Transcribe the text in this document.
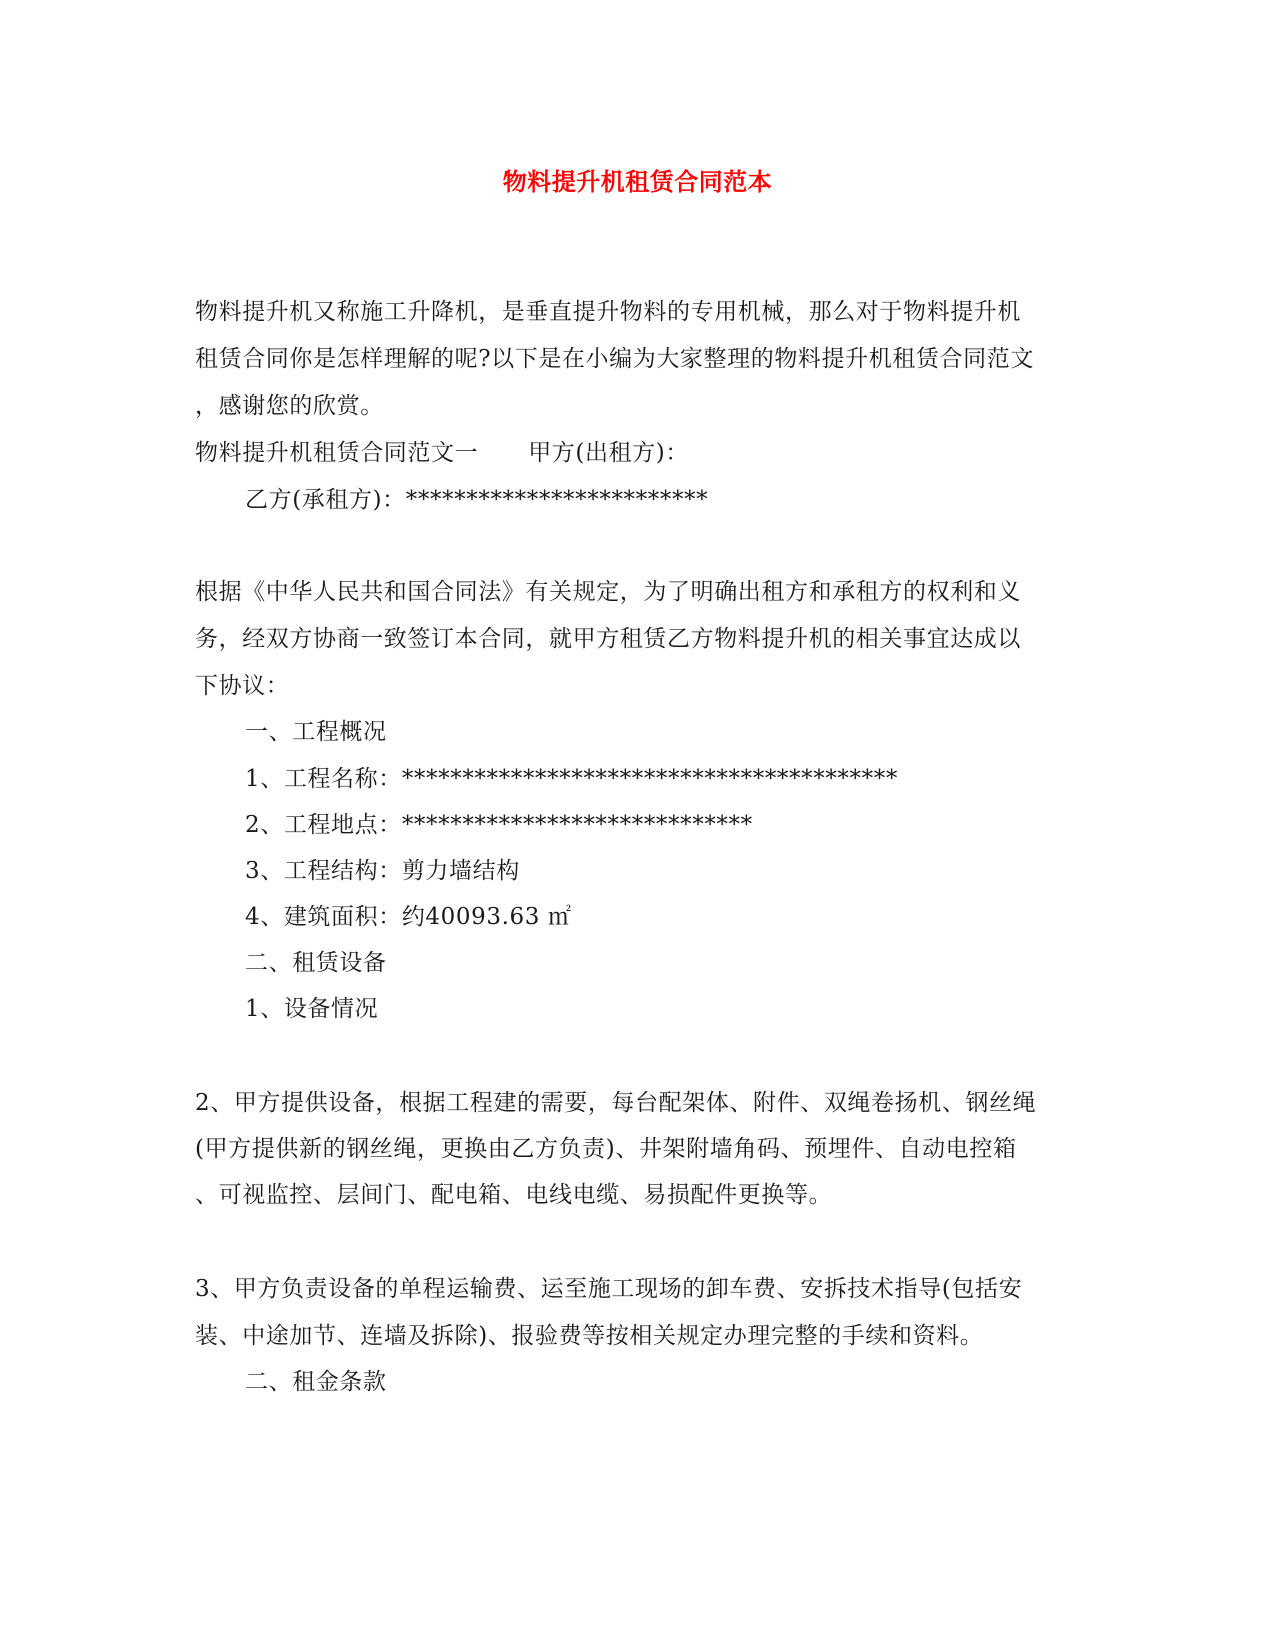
物料提升机租赁合同范本
物料提升机又称施工升降机，是垂直提升物料的专用机械，那么对于物料提升机
租赁合同你是怎样理解的呢?以下是在小编为大家整理的物料提升机租赁合同范文
，感谢您的欣赏。
物料提升机租赁合同范文一 甲方(出租方)：
乙方(承租方)：*************************
根据《中华人民共和国合同法》有关规定，为了明确出租方和承租方的权利和义
务，经双方协商一致签订本合同，就甲方租赁乙方物料提升机的相关事宜达成以
下协议：
一、工程概况
1、工程名称：*****************************************
2、工程地点：*****************************
3、工程结构：剪力墙结构
4、建筑面积：约40093.63 ㎡
二、租赁设备
1、设备情况
2、甲方提供设备，根据工程建的需要，每台配架体、附件、双绳卷扬机、钢丝绳
(甲方提供新的钢丝绳，更换由乙方负责)、井架附墙角码、预埋件、自动电控箱
、可视监控、层间门、配电箱、电线电缆、易损配件更换等。
3、甲方负责设备的单程运输费、运至施工现场的卸车费、安拆技术指导(包括安
装、中途加节、连墙及拆除)、报验费等按相关规定办理完整的手续和资料。
二、租金条款
